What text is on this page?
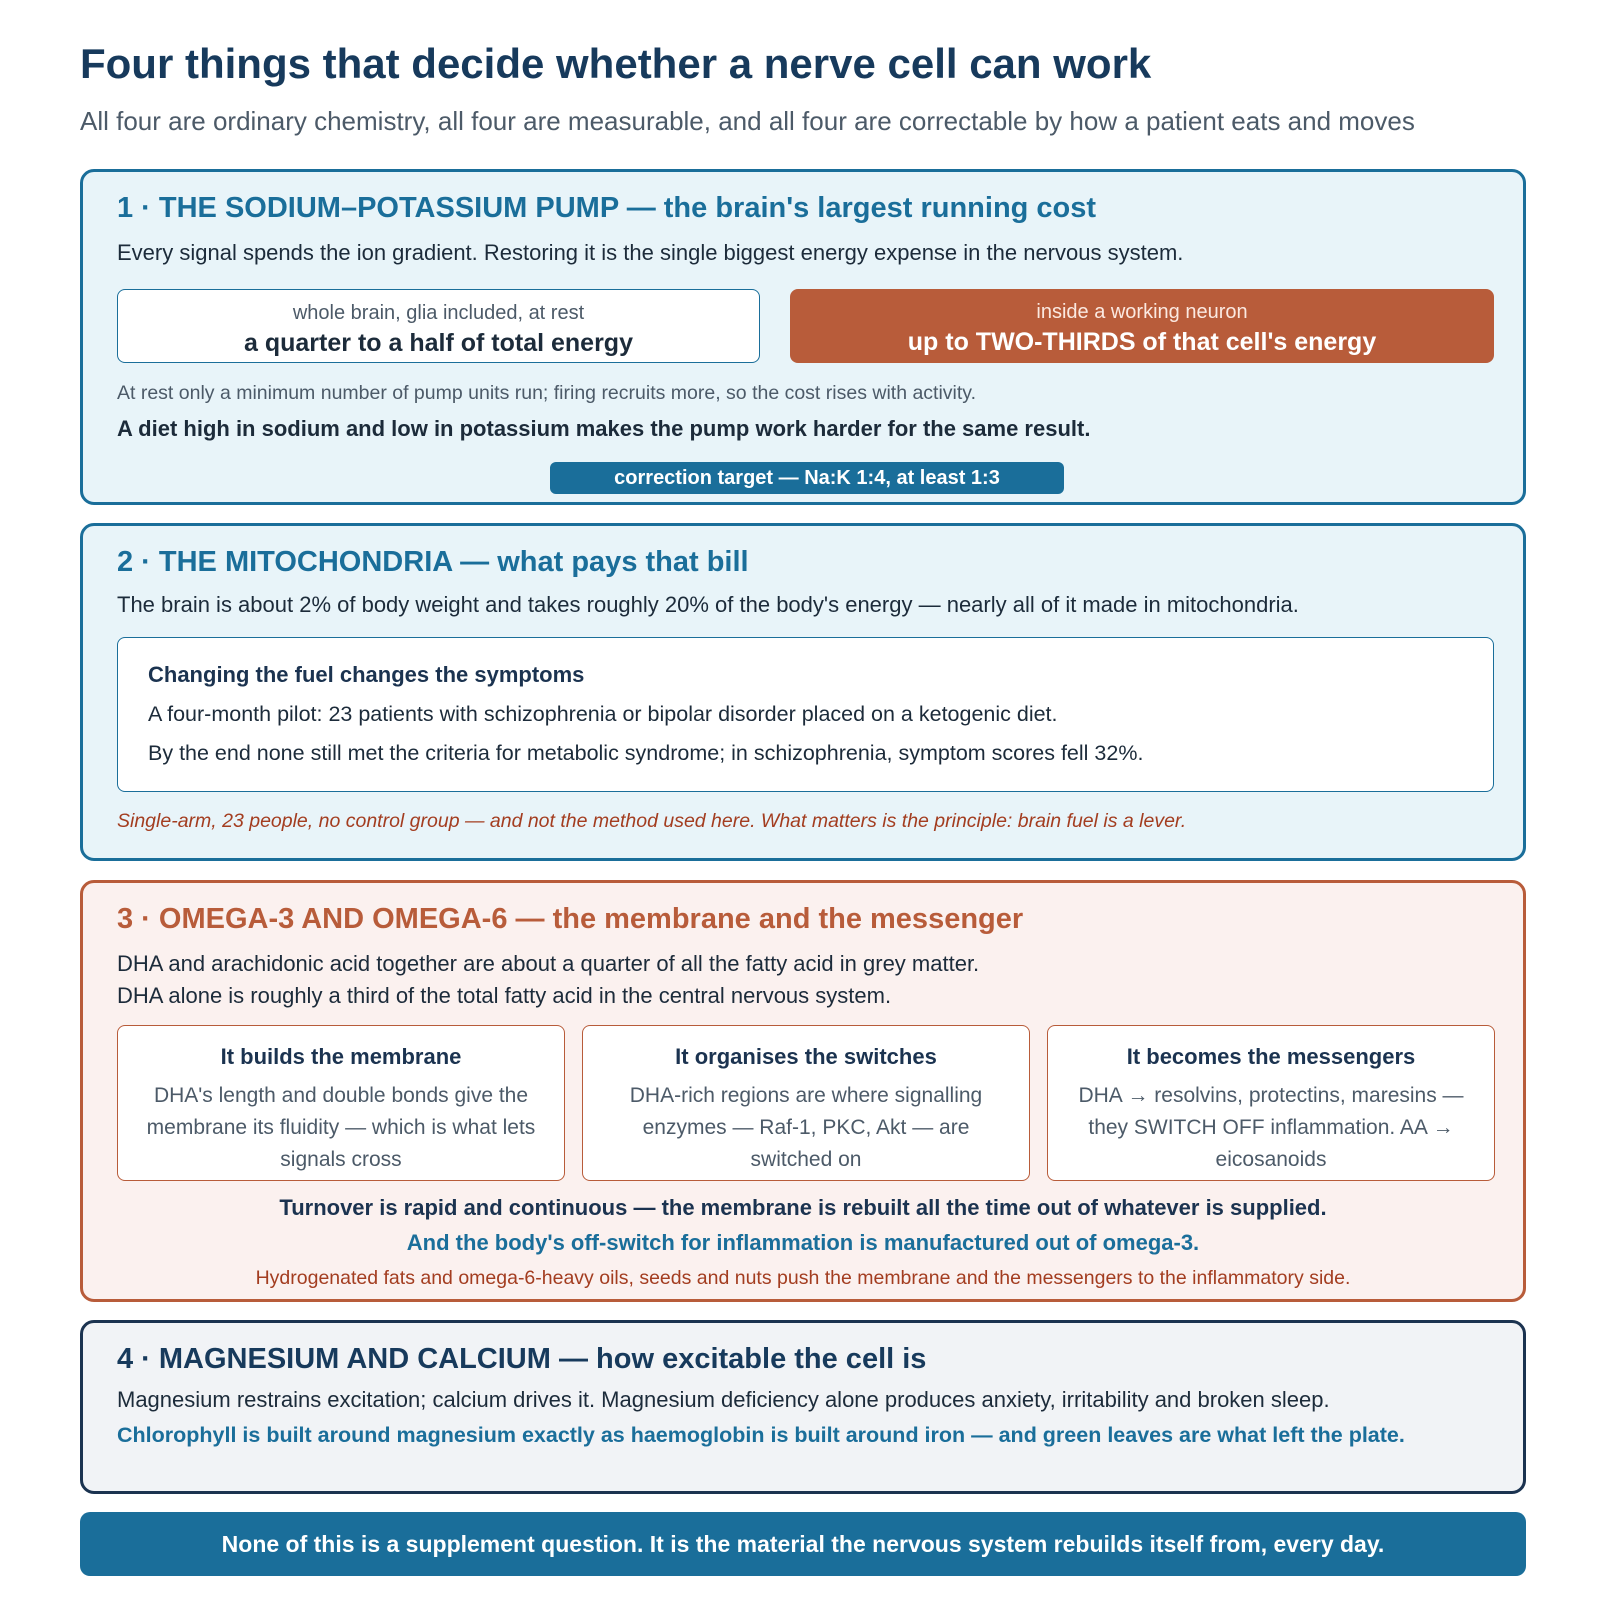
Four things that decide whether a nerve cell can work

All four are ordinary chemistry, all four are measurable, and all four are correctable by how a patient eats and moves

1 · THE SODIUM–POTASSIUM PUMP — the brain's largest running cost

Every signal spends the ion gradient. Restoring it is the single biggest energy expense in the nervous system.

whole brain, glia included, at rest
a quarter to a half of total energy
inside a working neuron
up to TWO-THIRDS of that cell's energy

At rest only a minimum number of pump units run; firing recruits more, so the cost rises with activity.

A diet high in sodium and low in potassium makes the pump work harder for the same result.

correction target — Na:K 1:4, at least 1:3
2 · THE MITOCHONDRIA — what pays that bill

The brain is about 2% of body weight and takes roughly 20% of the body's energy — nearly all of it made in mitochondria.

Changing the fuel changes the symptoms

A four-month pilot: 23 patients with schizophrenia or bipolar disorder placed on a ketogenic diet.

By the end none still met the criteria for metabolic syndrome; in schizophrenia, symptom scores fell 32%.

Single-arm, 23 people, no control group — and not the method used here. What matters is the principle: brain fuel is a lever.

3 · OMEGA-3 AND OMEGA-6 — the membrane and the messenger

DHA and arachidonic acid together are about a quarter of all the fatty acid in grey matter.

DHA alone is roughly a third of the total fatty acid in the central nervous system.

It builds the membrane
DHA's length and double bonds give the membrane its fluidity — which is what lets signals cross
It organises the switches
DHA-rich regions are where signalling enzymes — Raf-1, PKC, Akt — are switched on
It becomes the messengers
DHA → resolvins, protectins, maresins — they SWITCH OFF inflammation. AA → eicosanoids

Turnover is rapid and continuous — the membrane is rebuilt all the time out of whatever is supplied.

And the body's off-switch for inflammation is manufactured out of omega-3.

Hydrogenated fats and omega-6-heavy oils, seeds and nuts push the membrane and the messengers to the inflammatory side.

4 · MAGNESIUM AND CALCIUM — how excitable the cell is

Magnesium restrains excitation; calcium drives it. Magnesium deficiency alone produces anxiety, irritability and broken sleep.

Chlorophyll is built around magnesium exactly as haemoglobin is built around iron — and green leaves are what left the plate.

None of this is a supplement question. It is the material the nervous system rebuilds itself from, every day.
